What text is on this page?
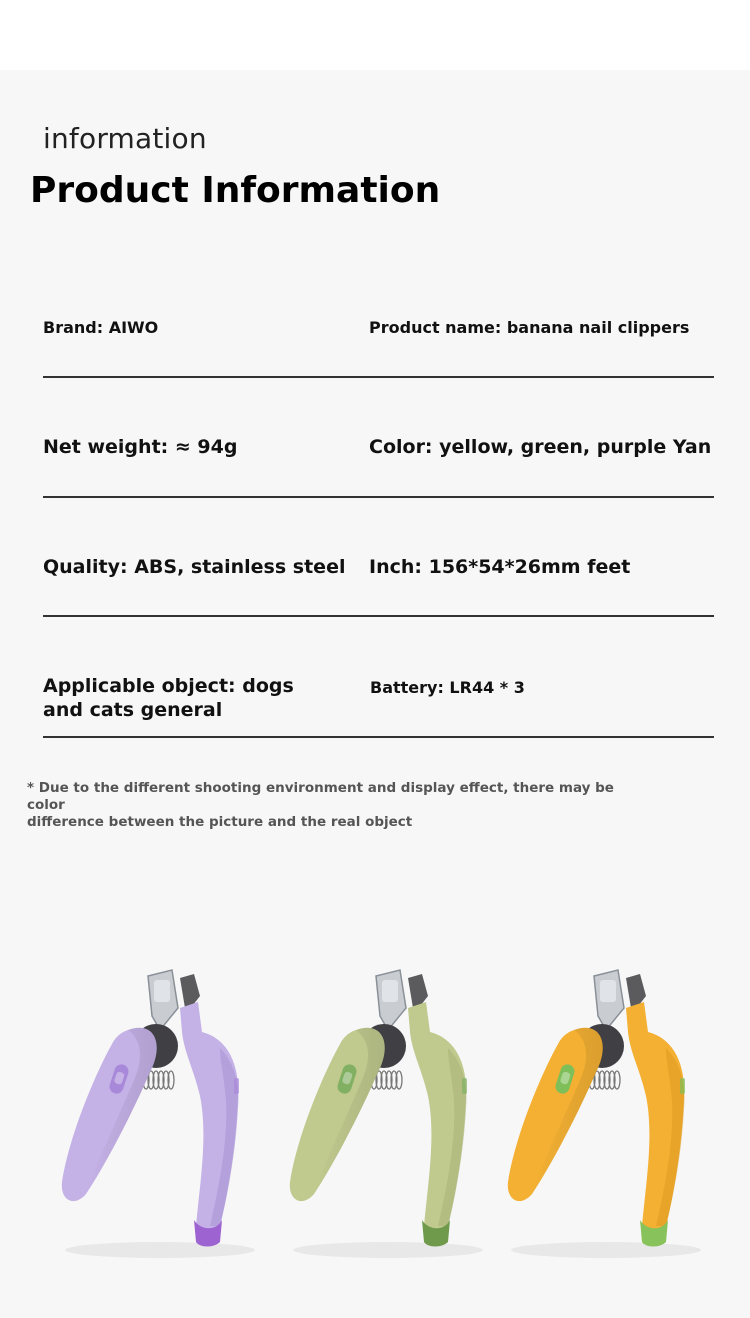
information
Product Information
Brand: AIWO	Product name: banana nail clippers
Net weight: ≈ 94g	Color: yellow, green, purple Yan
Quality: ABS, stainless steel Inch: 156*54*26mm feet
Applicable object: dogs
and cats general
Battery: LR44 * 3
* Due to the different shooting environment and display effect, there may be color
difference between the picture and the real object
